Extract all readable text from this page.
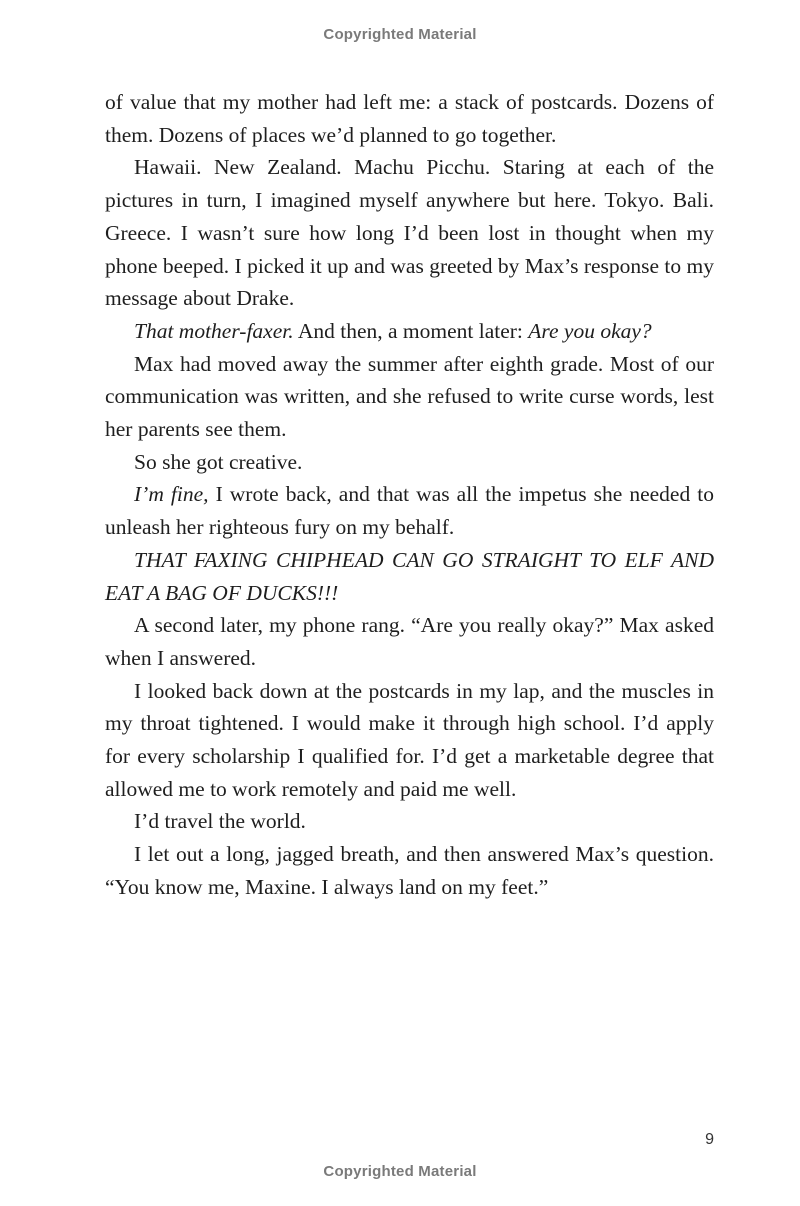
Copyrighted Material

of value that my mother had left me: a stack of postcards. Dozens of them. Dozens of places we’d planned to go together.

Hawaii. New Zealand. Machu Picchu. Staring at each of the pictures in turn, I imagined myself anywhere but here. Tokyo. Bali. Greece. I wasn’t sure how long I’d been lost in thought when my phone beeped. I picked it up and was greeted by Max’s response to my message about Drake.

That mother-faxer. And then, a moment later: Are you okay?

Max had moved away the summer after eighth grade. Most of our communication was written, and she refused to write curse words, lest her parents see them.

So she got creative.

I’m fine, I wrote back, and that was all the impetus she needed to unleash her righteous fury on my behalf.

THAT FAXING CHIPHEAD CAN GO STRAIGHT TO ELF AND EAT A BAG OF DUCKS!!!

A second later, my phone rang. “Are you really okay?” Max asked when I answered.

I looked back down at the postcards in my lap, and the muscles in my throat tightened. I would make it through high school. I’d apply for every scholarship I qualified for. I’d get a marketable degree that allowed me to work remotely and paid me well.

I’d travel the world.

I let out a long, jagged breath, and then answered Max’s question. “You know me, Maxine. I always land on my feet.”

9
Copyrighted Material
